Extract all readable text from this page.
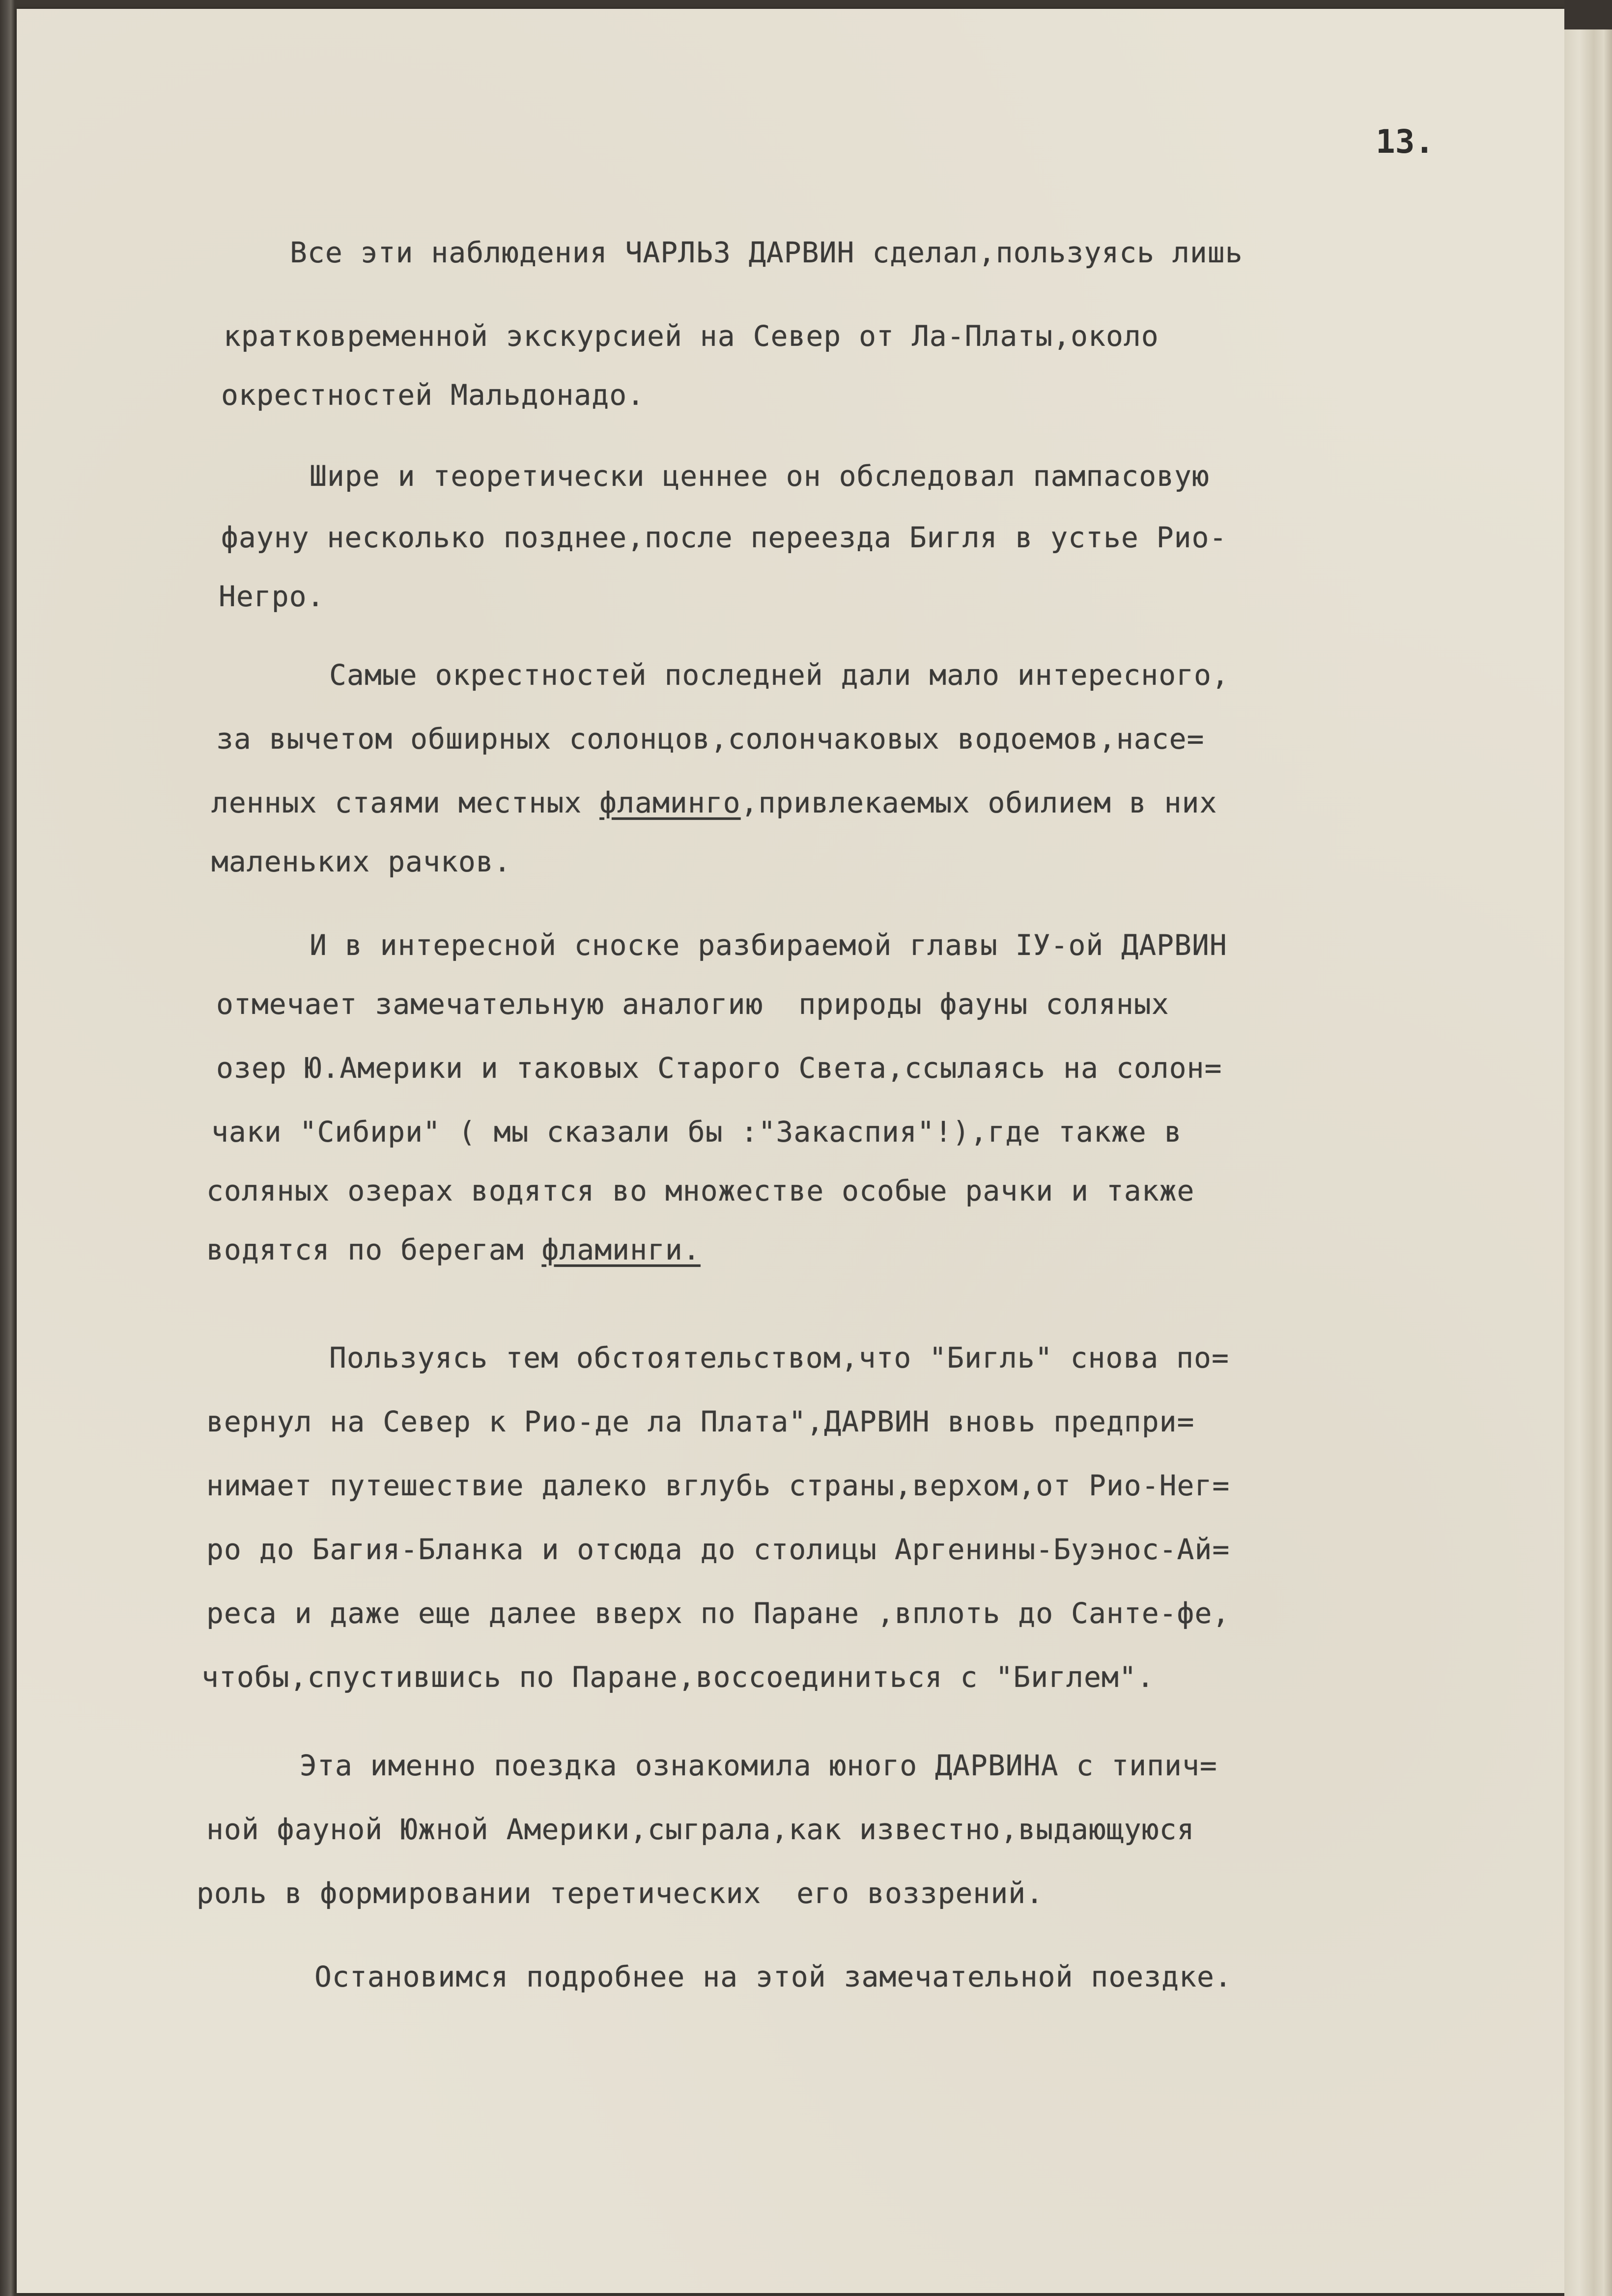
13.
Все эти наблюдения ЧАРЛЬЗ ДАРВИН сделал,пользуясь лишь
кратковременной экскурсией на Север от Ла-Платы,около
окрестностей Мальдонадо.
Шире и теоретически ценнее он обследовал пампасовую
фауну несколько позднее,после переезда Бигля в устье Рио-
Негро.
Самые окрестностей последней дали мало интересного,
за вычетом обширных солонцов,солончаковых водоемов,насе=
ленных стаями местных фламинго,привлекаемых обилием в них
маленьких рачков.
И в интересной сноске разбираемой главы IУ-ой ДАРВИН
отмечает замечательную аналогию  природы фауны соляных
озер Ю.Америки и таковых Старого Света,ссылаясь на солон=
чаки "Сибири" ( мы сказали бы :"Закаспия"!),где также в
соляных озерах водятся во множестве особые рачки и также
водятся по берегам фламинги.
Пользуясь тем обстоятельством,что "Бигль" снова по=
вернул на Север к Рио-де ла Плата",ДАРВИН вновь предпри=
нимает путешествие далеко вглубь страны,верхом,от Рио-Нег=
ро до Багия-Бланка и отсюда до столицы Аргенины-Буэнос-Ай=
реса и даже еще далее вверх по Паране ,вплоть до Санте-фе,
чтобы,спустившись по Паране,воссоединиться с "Биглем".
Эта именно поездка ознакомила юного ДАРВИНА с типич=
ной фауной Южной Америки,сыграла,как известно,выдающуюся
роль в формировании теретических  его воззрений.
Остановимся подробнее на этой замечательной поездке.
